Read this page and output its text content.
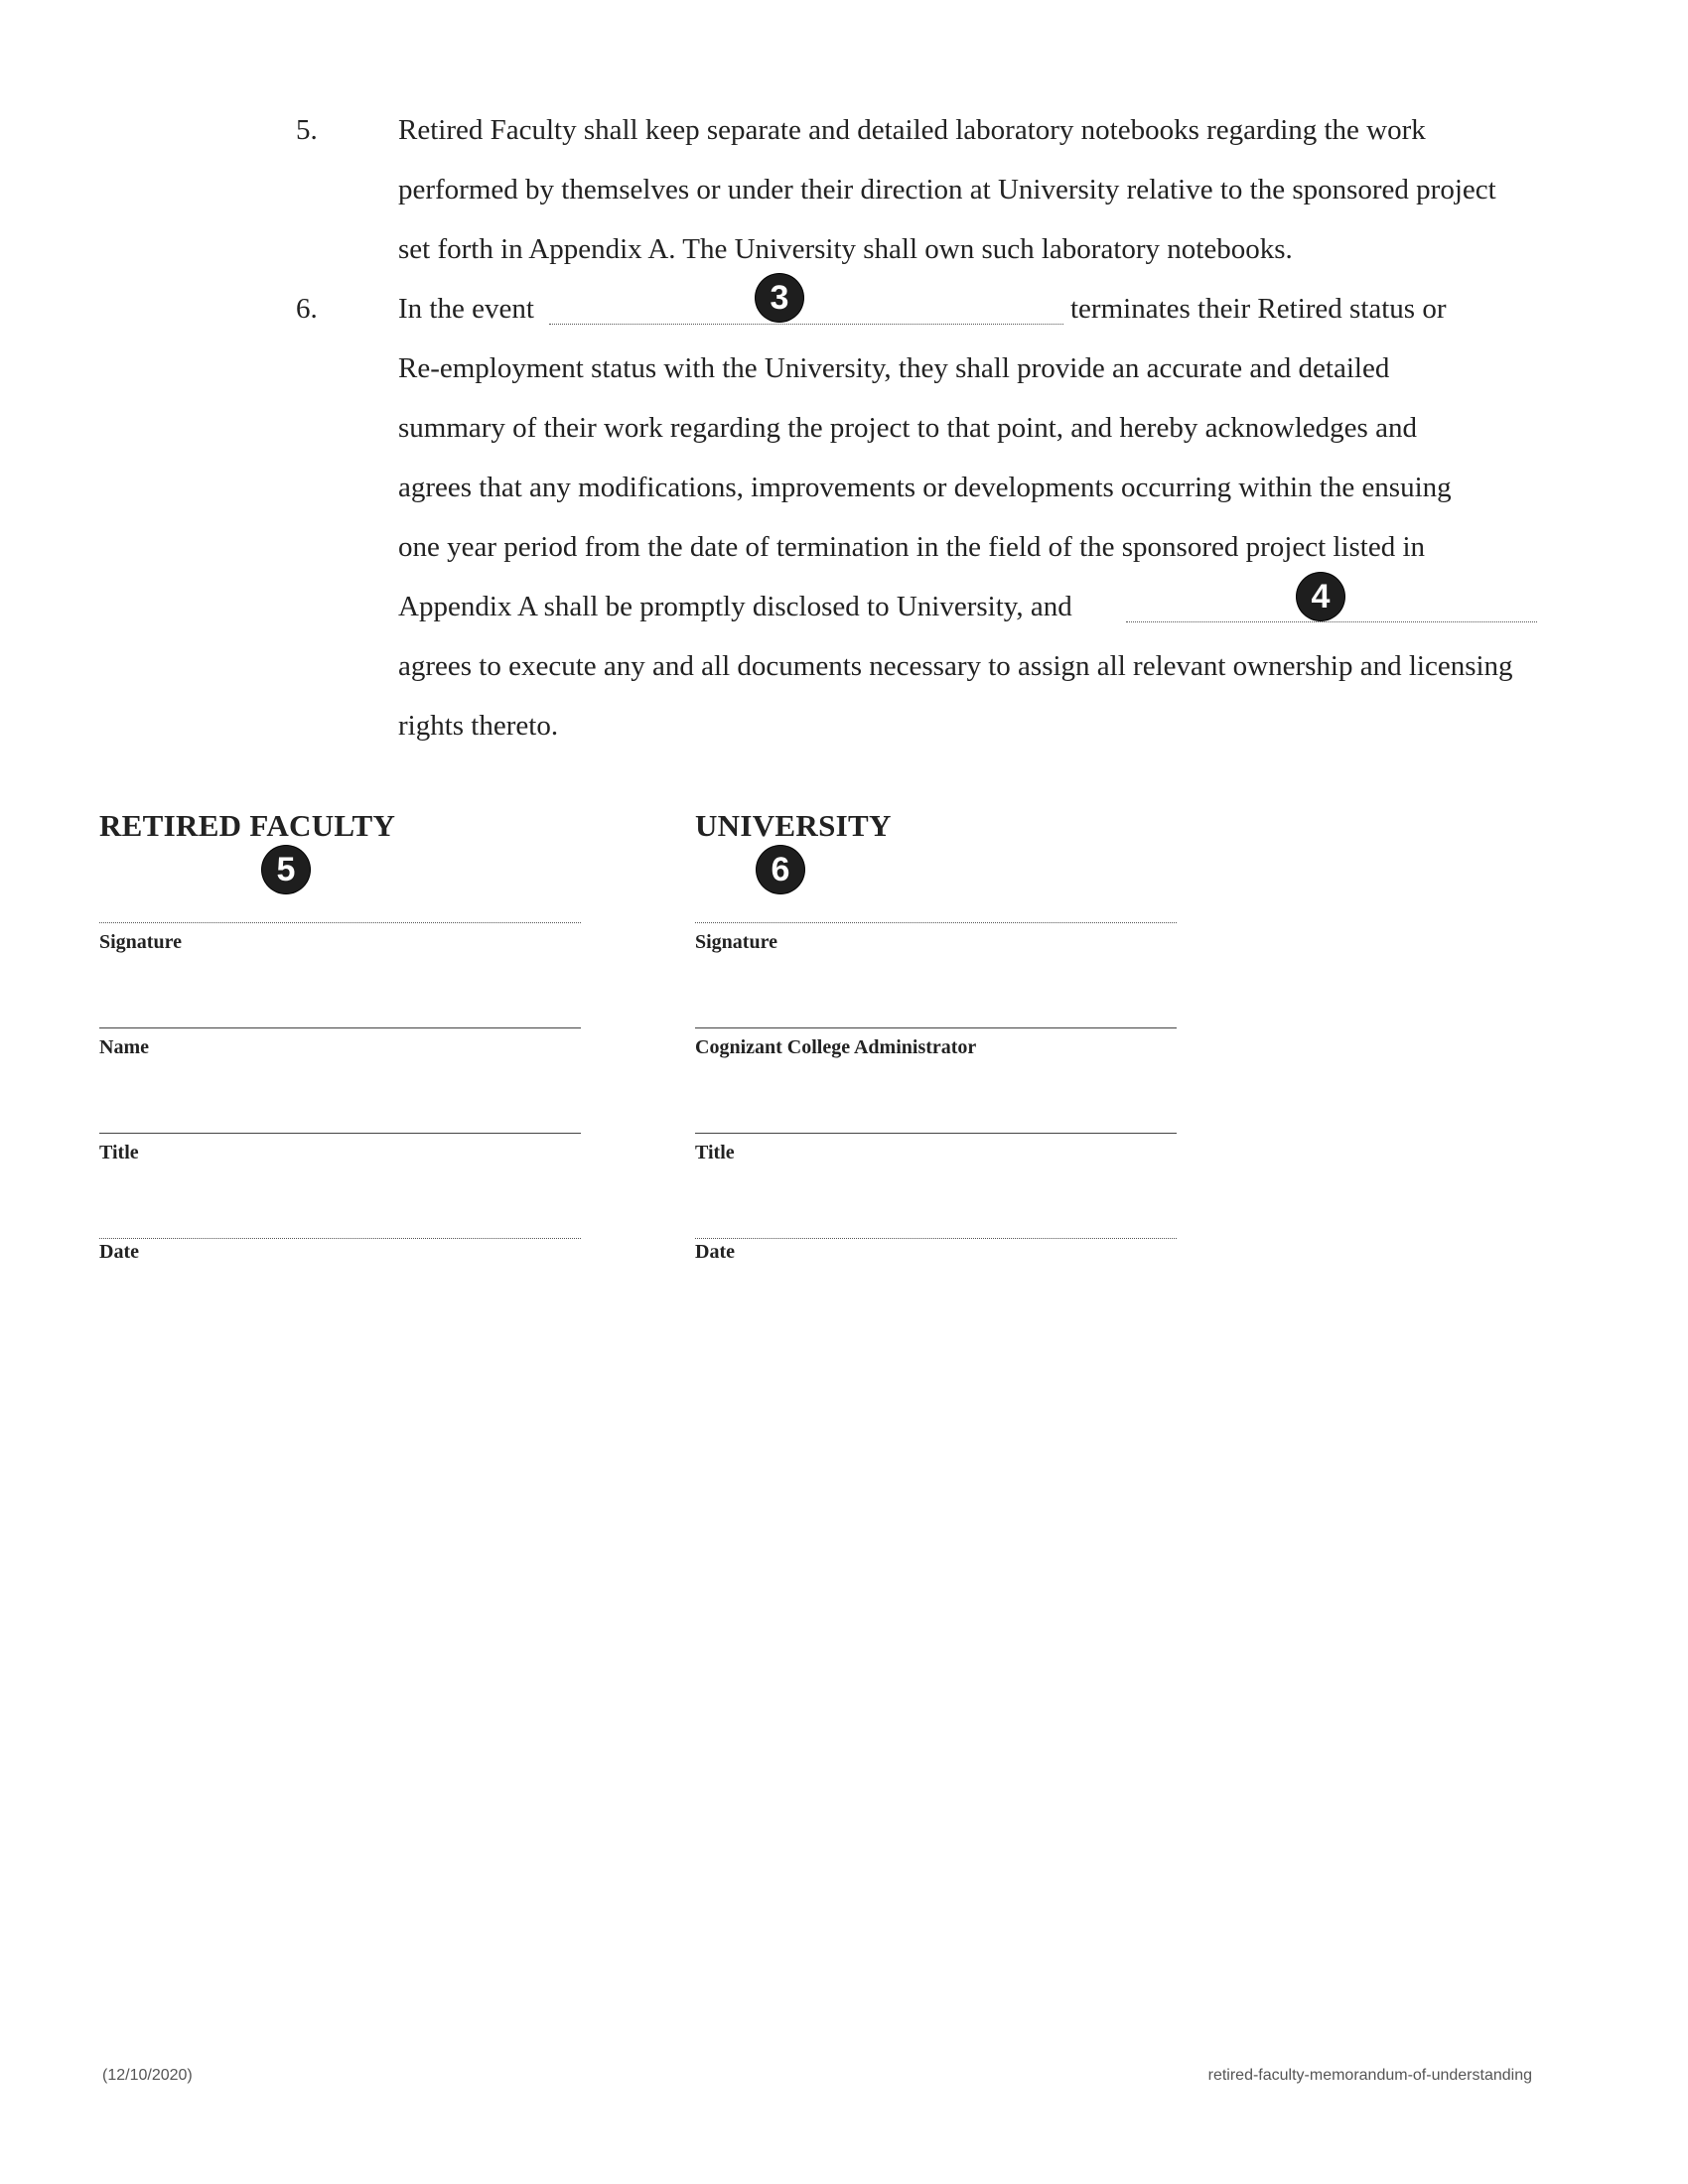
5.	Retired Faculty shall keep separate and detailed laboratory notebooks regarding the work
performed by themselves or under their direction at University relative to the sponsored project
set forth in Appendix A. The University shall own such laboratory notebooks.
6.	In the event	terminates their Retired status or
Re-employment status with the University, they shall provide an accurate and detailed
summary of their work regarding the project to that point, and hereby acknowledges and
agrees that any modifications, improvements or developments occurring within the ensuing
one year period from the date of termination in the field of the sponsored project listed in
Appendix A shall be promptly disclosed to University, and
agrees to execute any and all documents necessary to assign all relevant ownership and licensing
rights thereto.
3
4
5	6
RETIRED FACULTY
Signature
Name
Title
Date
UNIVERSITY
Signature
Cognizant College Administrator
Title
Date
(12/10/2020)	retired-faculty-memorandum-of-understanding
